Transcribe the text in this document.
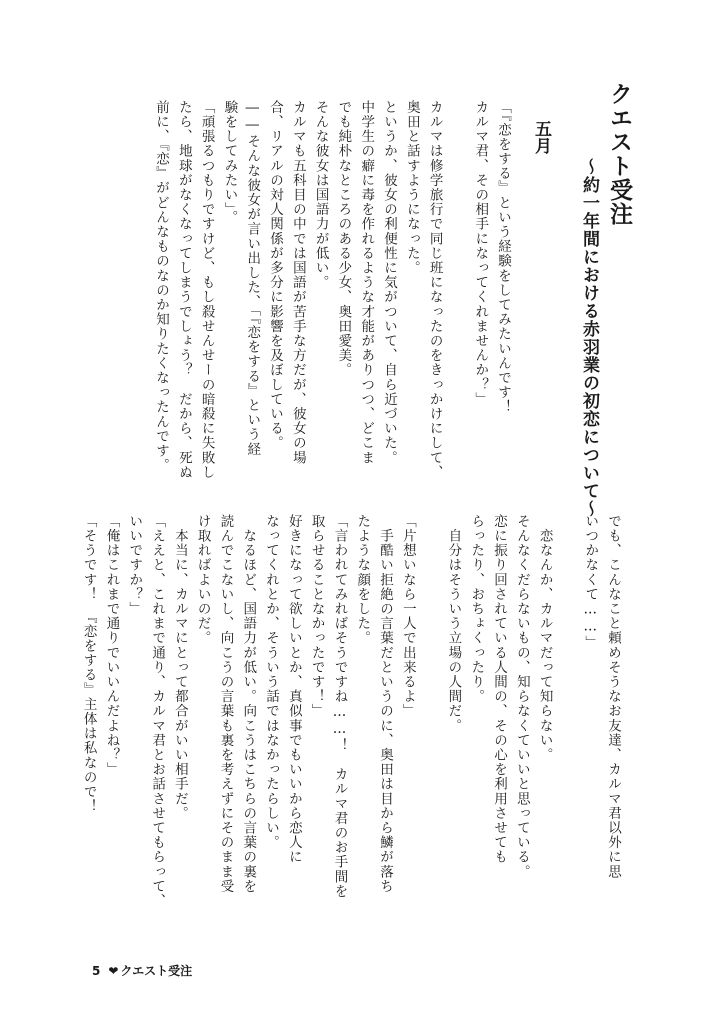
クエスト受注
～約一年間における赤羽業の初恋について～
五月
「『恋をする』という経験をしてみたいんです！
カルマ君、その相手になってくれませんか？」

カルマは修学旅行で同じ班になったのをきっかけにして、
奥田と話すようになった。
というか、彼女の利便性に気がついて、自ら近づいた。
中学生の癖に毒を作れるような才能がありつつ、どこま
でも純朴なところのある少女、奥田愛美。
そんな彼女は国語力が低い。
カルマも五科目の中では国語が苦手な方だが、彼女の場
合、リアルの対人関係が多分に影響を及ぼしている。
――そんな彼女が言い出した、「『恋をする』という経
験をしてみたい」。
「頑張るつもりですけど、もし殺せんせーの暗殺に失敗し
たら、地球がなくなってしまうでしょう？　だから、死ぬ
前に、『恋』がどんなものなのか知りたくなったんです。
でも、こんなこと頼めそうなお友達、カルマ君以外に思
いつかなくて……」

　恋なんか、カルマだって知らない。
そんなくだらないもの、知らなくていいと思っている。
恋に振り回されている人間の、その心を利用させても
らったり、おちょくったり。
　自分はそういう立場の人間だ。

「片想いなら一人で出来るよ」
　手酷い拒絶の言葉だというのに、奥田は目から鱗が落ち
たような顔をした。
「言われてみればそうですね……！　カルマ君のお手間を
取らせることなかったです！」
好きになって欲しいとか、真似事でもいいから恋人に
なってくれとか、そういう話ではなかったらしい。
　なるほど、国語力が低い。向こうはこちらの言葉の裏を
読んでこないし、向こうの言葉も裏を考えずにそのまま受
け取ればよいのだ。
　本当に、カルマにとって都合がいい相手だ。
「ええと、これまで通り、カルマ君とお話させてもらって、
いいですか？」
「俺はこれまで通りでいいんだよね？」
「そうです！　『恋をする』主体は私なので！
5 ❤ クエスト受注
